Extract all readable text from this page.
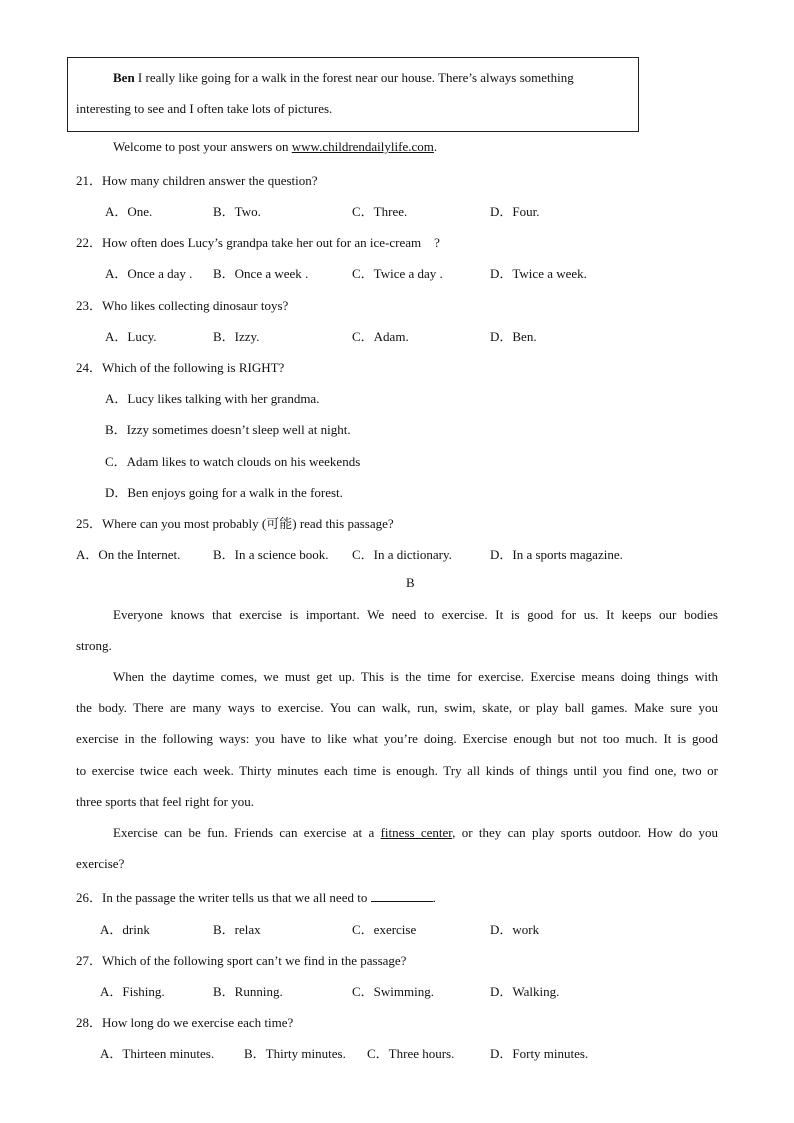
Ben I really like going for a walk in the forest near our house. There’s always something
interesting to see and I often take lots of pictures.
Welcome to post your answers on www.childrendailylife.com.
21．How many children answer the question?
A．One.	B．Two.	C．Three.	D．Four.
22．How often does Lucy’s grandpa take her out for an ice-cream　?
A．Once a day . B．Once a week .	C．Twice a day .	D．Twice a week.
23．Who likes collecting dinosaur toys?
A．Lucy.	B．Izzy.	C．Adam.	D．Ben.
24．Which of the following is RIGHT?
A．Lucy likes talking with her grandma.
B．Izzy sometimes doesn’t sleep well at night.
C．Adam likes to watch clouds on his weekends
D．Ben enjoys going for a walk in the forest.
25．Where can you most probably (可能) read this passage?
A．On the Internet.	B．In a science book. C．In a dictionary.	D．In a sports magazine.
B
Everyone knows that exercise is important. We need to exercise. It is good for us. It keeps our bodies
strong.
When the daytime comes, we must get up. This is the time for exercise. Exercise means doing things with
the body. There are many ways to exercise. You can walk, run, swim, skate, or play ball games. Make sure you
exercise in the following ways: you have to like what you’re doing. Exercise enough but not too much. It is good
to exercise twice each week. Thirty minutes each time is enough. Try all kinds of things until you find one, two or
three sports that feel right for you.
Exercise can be fun. Friends can exercise at a fitness center, or they can play sports outdoor. How do you
exercise?
26．In the passage the writer tells us that we all need to	.
A．drink	B．relax	C．exercise	D．work
27．Which of the following sport can’t we find in the passage?
A．Fishing.	B．Running.	C．Swimming.	D．Walking.
28．How long do we exercise each time?
A．Thirteen minutes. B．Thirty minutes. C．Three hours.	D．Forty minutes.
